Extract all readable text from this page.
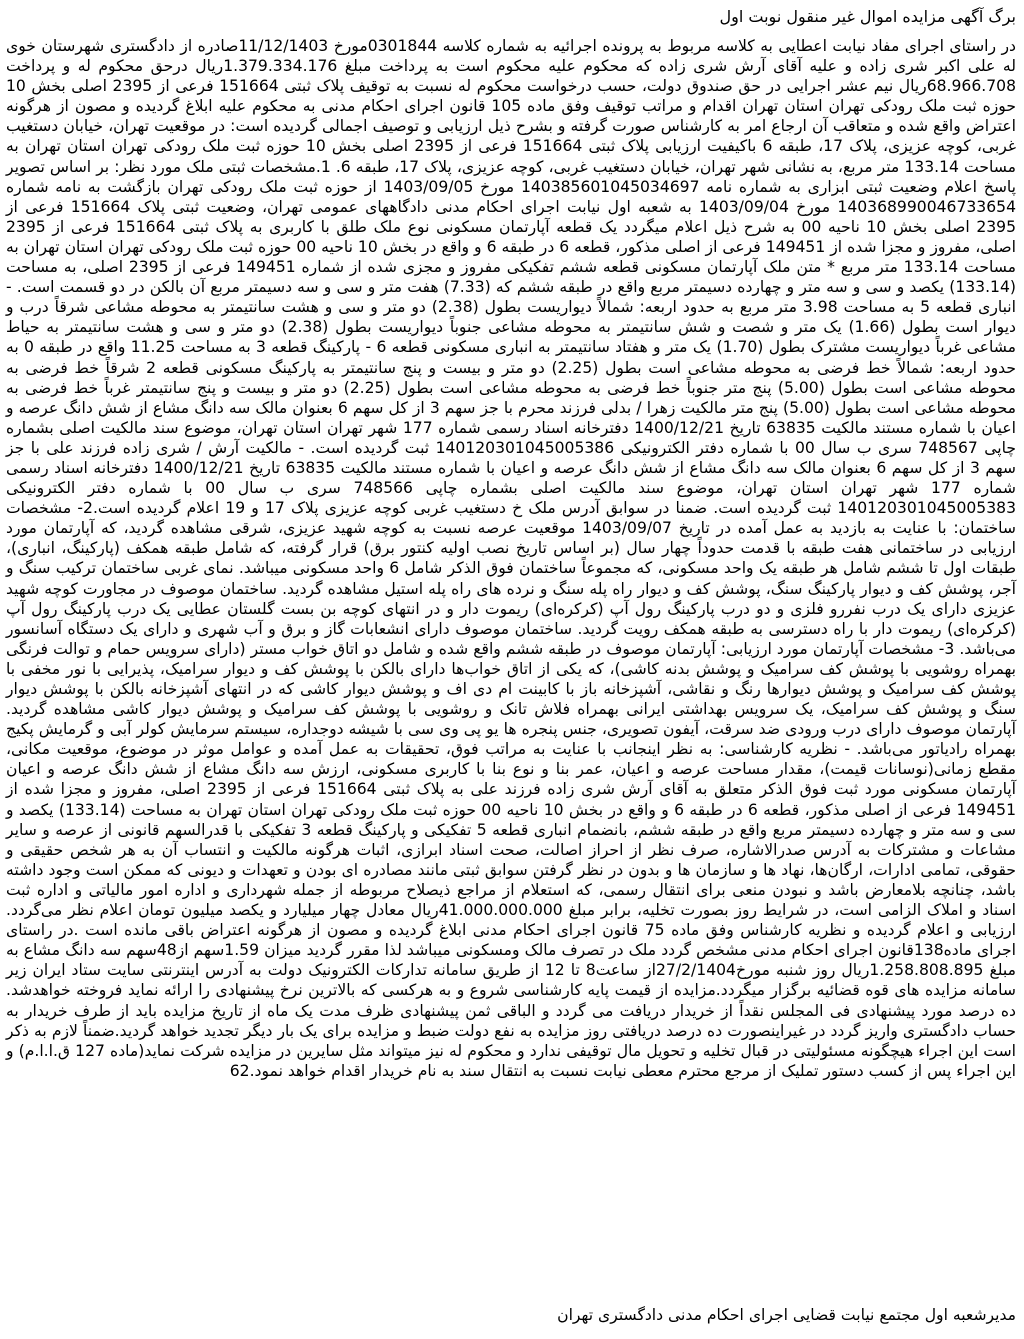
برگ آگهی مزایده اموال غیر منقول نوبت اول

در راستای اجرای مفاد نیابت اعطایی به کلاسه مربوط به پرونده اجرائیه به شماره کلاسه 0301844مورخ 11/12/1403صادره از دادگستری شهرستان خوی له علی اکبر شری زاده و علیه آقای آرش شری زاده که محکوم علیه محکوم است به پرداخت مبلغ 1.379.334.176ریال درحق محکوم له و پرداخت 68.966.708ریال نیم عشر اجرایی در حق صندوق دولت، حسب درخواست محکوم له نسبت به توقیف پلاک ثبتی 151664 فرعی از 2395 اصلی بخش 10 حوزه ثبت ملک رودکی تهران استان تهران اقدام و مراتب توقیف وفق ماده 105 قانون اجرای احکام مدنی به محکوم علیه ابلاغ گردیده و مصون از هرگونه اعتراض واقع شده و متعاقب آن ارجاع امر به کارشناس صورت گرفته و بشرح ذیل ارزیابی و توصیف اجمالی گردیده است: در موقعیت تهران، خیابان دستغیب غربی، کوچه عزیزی، پلاک 17، طبقه 6 باکیفیت ارزیابی پلاک ثبتی 151664 فرعی از 2395 اصلی بخش 10 حوزه ثبت ملک رودکی تهران استان تهران به مساحت 133.14 متر مربع، به نشانی شهر تهران، خیابان دستغیب غربی، کوچه عزیزی، پلاک 17، طبقه 6. 1.مشخصات ثبتی ملک مورد نظر: بر اساس تصویر پاسخ اعلام وضعیت ثبتی ابزاری به شماره نامه 140385601045034697 مورخ 1403/09/05 از حوزه ثبت ملک رودکی تهران بازگشت به نامه شماره 140368990046733654 مورخ 1403/09/04 به شعبه اول نیابت اجرای احکام مدنی دادگاههای عمومی تهران، وضعیت ثبتی پلاک 151664 فرعی از 2395 اصلی بخش 10 ناحیه 00 به شرح ذیل اعلام میگردد یک قطعه آپارتمان مسکونی نوع ملک طلق با کاربری به پلاک ثبتی 151664 فرعی از 2395 اصلی، مفروز و مجزا شده از 149451 فرعی از اصلی مذکور، قطعه 6 در طبقه 6 و واقع در بخش 10 ناحیه 00 حوزه ثبت ملک رودکی تهران استان تهران به مساحت 133.14 متر مربع * متن ملک آپارتمان مسکونی قطعه ششم تفکیکی مفروز و مجزی شده از شماره 149451 فرعی از 2395 اصلی، به مساحت (133.14) یکصد و سی و سه متر و چهارده دسیمتر مربع واقع در طبقه ششم که (7.33) هفت متر و سی و سه دسیمتر مربع آن بالکن در دو قسمت است. - انباری قطعه 5 به مساحت 3.98 متر مربع به حدود اربعه: شمالاً دیواریست بطول (2.38) دو متر و سی و هشت سانتیمتر به محوطه مشاعی شرقاً درب و دیوار است بطول (1.66) یک متر و شصت و شش سانتیمتر به محوطه مشاعی جنوباً دیواریست بطول (2.38) دو متر و سی و هشت سانتیمتر به حیاط مشاعی غرباً دیواریست مشترک بطول (1.70) یک متر و هفتاد سانتیمتر به انباری مسکونی قطعه 6 - پارکینگ قطعه 3 به مساحت 11.25 واقع در طبقه 0 به حدود اربعه: شمالاً خط فرضی به محوطه مشاعی است بطول (2.25) دو متر و بیست و پنج سانتیمتر به پارکینگ مسکونی قطعه 2 شرقاً خط فرضی به محوطه مشاعی است بطول (5.00) پنج متر جنوباً خط فرضی به محوطه مشاعی است بطول (2.25) دو متر و بیست و پنج سانتیمتر غرباً خط فرضی به محوطه مشاعی است بطول (5.00) پنج متر مالکیت زهرا / بدلی فرزند محرم با جز سهم 3 از کل سهم 6 بعنوان مالک سه دانگ مشاع از شش دانگ عرصه و اعیان با شماره مستند مالکیت 63835 تاریخ 1400/12/21 دفترخانه اسناد رسمی شماره 177 شهر تهران استان تهران، موضوع سند مالکیت اصلی بشماره چاپی 748567 سری ب سال 00 با شماره دفتر الکترونیکی 140120301045005386 ثبت گردیده است. - مالکیت آرش / شری زاده فرزند علی با جز سهم 3 از کل سهم 6 بعنوان مالک سه دانگ مشاع از شش دانگ عرصه و اعیان با شماره مستند مالکیت 63835 تاریخ 1400/12/21 دفترخانه اسناد رسمی شماره 177 شهر تهران استان تهران، موضوع سند مالکیت اصلی بشماره چاپی 748566 سری ب سال 00 با شماره دفتر الکترونیکی 140120301045005383 ثبت گردیده است. ضمنا در سوابق آدرس ملک خ دستغیب غربی کوچه عزیزی پلاک 17 و 19 اعلام گردیده است.2- مشخصات ساختمان: با عنایت به بازدید به عمل آمده در تاریخ 1403/09/07 موقعیت عرصه نسبت به کوچه شهید عزیزی، شرقی مشاهده گردید، که آپارتمان مورد ارزیابی در ساختمانی هفت طبقه با قدمت حدوداً چهار سال (بر اساس تاریخ نصب اولیه کنتور برق) قرار گرفته، که شامل طبقه همکف (پارکینگ، انباری)، طبقات اول تا ششم شامل هر طبقه یک واحد مسکونی، که مجموعاً ساختمان فوق الذکر شامل 6 واحد مسکونی میباشد. نمای غربی ساختمان ترکیب سنگ و آجر، پوشش کف و دیوار پارکینگ سنگ، پوشش کف و دیوار راه پله سنگ و نرده های راه پله استیل مشاهده گردید. ساختمان موصوف در مجاورت کوچه شهید عزیزی دارای یک درب نفررو فلزی و دو درب پارکینگ رول آپ (کرکره‌ای) ریموت دار و در انتهای کوچه بن بست گلستان عطایی یک درب پارکینگ رول آپ (کرکره‌ای) ریموت دار با راه دسترسی به طبقه همکف رویت گردید. ساختمان موصوف دارای انشعابات گاز و برق و آب شهری و دارای یک دستگاه آسانسور می‌باشد. 3- مشخصات آپارتمان مورد ارزیابی: آپارتمان موصوف در طبقه ششم واقع شده و شامل دو اتاق خواب مستر (دارای سرویس حمام و توالت فرنگی بهمراه روشویی با پوشش کف سرامیک و پوشش بدنه کاشی)، که یکی از اتاق خواب‌ها دارای بالکن با پوشش کف و دیوار سرامیک، پذیرایی با نور مخفی با پوشش کف سرامیک و پوشش دیوارها رنگ و نقاشی، آشپزخانه باز با کابینت ام دی اف و پوشش دیوار کاشی که در انتهای آشپزخانه بالکن با پوشش دیوار سنگ و پوشش کف سرامیک، یک سرویس بهداشتی ایرانی بهمراه فلاش تانک و روشویی با پوشش کف سرامیک و پوشش دیوار کاشی مشاهده گردید. آپارتمان موصوف دارای درب ورودی ضد سرقت، آیفون تصویری، جنس پنجره ها یو پی وی سی با شیشه دوجداره، سیستم سرمایش کولر آبی و گرمایش پکیج بهمراه رادیاتور می‌باشد. - نظریه کارشناسی: به نظر اینجانب با عنایت به مراتب فوق، تحقیقات به عمل آمده و عوامل موثر در موضوع، موقعیت مکانی، مقطع زمانی(نوسانات قیمت)، مقدار مساحت عرصه و اعیان، عمر بنا و نوع بنا با کاربری مسکونی، ارزش سه دانگ مشاع از شش دانگ عرصه و اعیان آپارتمان مسکونی مورد ثبت فوق الذکر متعلق به آقای آرش شری زاده فرزند علی به پلاک ثبتی 151664 فرعی از 2395 اصلی، مفروز و مجزا شده از 149451 فرعی از اصلی مذکور، قطعه 6 در طبقه 6 و واقع در بخش 10 ناحیه 00 حوزه ثبت ملک رودکی تهران استان تهران به مساحت (133.14) یکصد و سی و سه متر و چهارده دسیمتر مربع واقع در طبقه ششم، بانضمام انباری قطعه 5 تفکیکی و پارکینگ قطعه 3 تفکیکی با قدرالسهم قانونی از عرصه و سایر مشاعات و مشترکات به آدرس صدرالاشاره، صرف نظر از احراز اصالت، صحت اسناد ابرازی، اثبات هرگونه مالکیت و انتساب آن به هر شخص حقیقی و حقوقی، تمامی ادارات، ارگان‌ها، نهاد ها و سازمان ها و بدون در نظر گرفتن سوابق ثبتی مانند مصادره ای بودن و تعهدات و دیونی که ممکن است وجود داشته باشد، چنانچه بلامعارض باشد و نبودن منعی برای انتقال رسمی، که استعلام از مراجع ذیصلاح مربوطه از جمله شهرداری و اداره امور مالیاتی و اداره ثبت اسناد و املاک الزامی است، در شرایط روز بصورت تخلیه، برابر مبلغ 41.000.000.000ریال معادل چهار میلیارد و یکصد میلیون تومان اعلام نظر می‌گردد. ارزیابی و اعلام گردیده و نظریه کارشناس وفق ماده 75 قانون اجرای احکام مدنی ابلاغ گردیده و مصون از هرگونه اعتراض باقی مانده است .در راستای اجرای ماده138قانون اجرای احکام مدنی مشخص گردد ملک در تصرف مالک ومسکونی میباشد لذا مقرر گردید میزان 1.59سهم از48سهم سه دانگ مشاع به مبلغ 1.258.808.895ریال روز شنبه مورخ27/2/1404از ساعت8 تا 12 از طریق سامانه تدارکات الکترونیک دولت به آدرس اینترنتی سایت ستاد ایران زیر سامانه مزایده های قوه قضائیه برگزار میگردد.مزایده از قیمت پایه کارشناسی شروع و به هرکسی که بالاترین نرخ پیشنهادی را ارائه نماید فروخته خواهدشد. ده درصد مورد پیشنهادی فی المجلس نقداً از خریدار دریافت می گردد و الباقی ثمن پیشنهادی ظرف مدت یک ماه از تاریخ مزایده باید از طرف خریدار به حساب دادگستری واریز گردد در غیراینصورت ده درصد دریافتی روز مزایده به نفع دولت ضبط و مزایده برای یک بار دیگر تجدید خواهد گردید.ضمناً لازم به ذکر است این اجراء هیچگونه مسئولیتی در قبال تخلیه و تحویل مال توقیفی ندارد و محکوم له نیز میتواند مثل سایرین در مزایده شرکت نماید(ماده 127 ق.ا.ا.م) و این اجراء پس از کسب دستور تملیک از مرجع محترم معطی نیابت نسبت به انتقال سند به نام خریدار اقدام خواهد نمود.62

مدیرشعبه اول مجتمع نیابت قضایی اجرای احکام مدنی دادگستری تهران
